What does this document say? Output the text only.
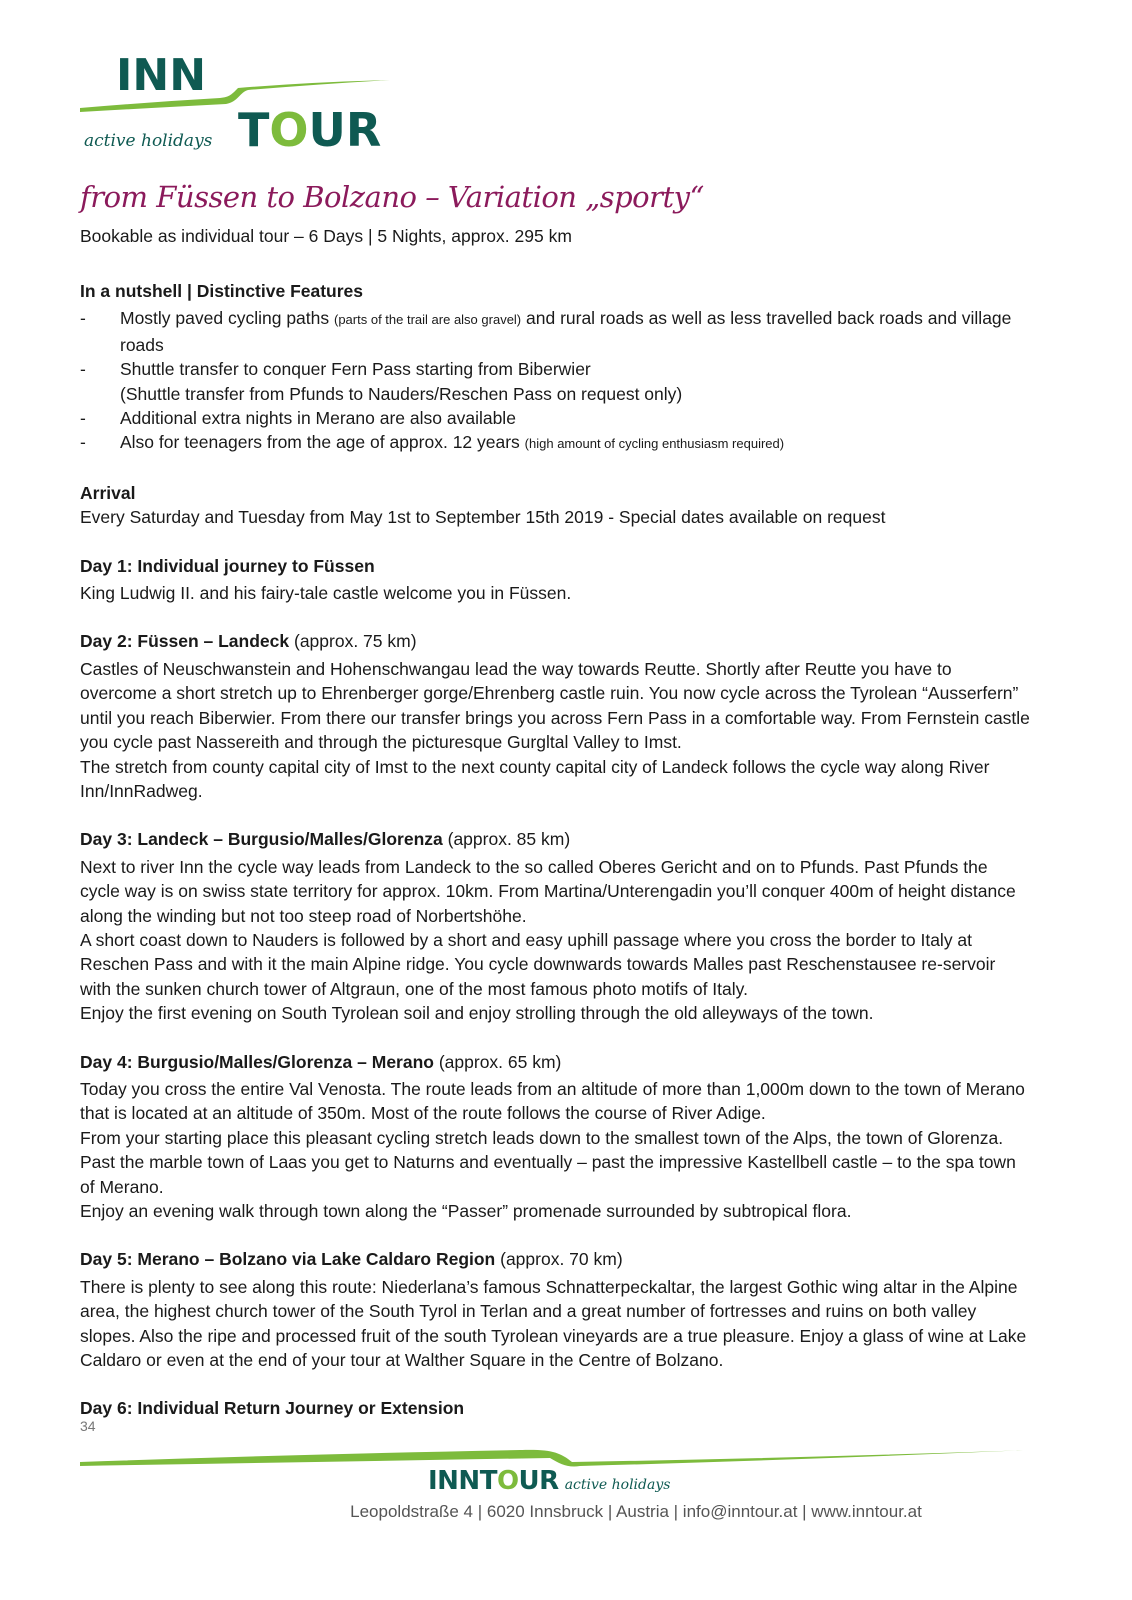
INN
TOUR
active holidays
from Füssen to Bolzano – Variation „sporty“
Bookable as individual tour – 6 Days | 5 Nights, approx. 295 km

In a nutshell | Distinctive Features

- Mostly paved cycling paths (parts of the trail are also gravel) and rural roads as well as less travelled back roads and village roads
- Shuttle transfer to conquer Fern Pass starting from Biberwier
(Shuttle transfer from Pfunds to Nauders/Reschen Pass on request only)
- Additional extra nights in Merano are also available
- Also for teenagers from the age of approx. 12 years (high amount of cycling enthusiasm required)

Arrival

Every Saturday and Tuesday from May 1st to September 15th 2019 - Special dates available on request

Day 1: Individual journey to Füssen

King Ludwig II. and his fairy-tale castle welcome you in Füssen.

Day 2: Füssen – Landeck (approx. 75 km)

Castles of Neuschwanstein and Hohenschwangau lead the way towards Reutte. Shortly after Reutte you have to overcome a short stretch up to Ehrenberger gorge/Ehrenberg castle ruin. You now cycle across the Tyrolean “Ausserfern” until you reach Biberwier. From there our transfer brings you across Fern Pass in a comfortable way. From Fernstein castle you cycle past Nassereith and through the picturesque Gurgltal Valley to Imst.

The stretch from county capital city of Imst to the next county capital city of Landeck follows the cycle way along River Inn/InnRadweg.

Day 3: Landeck – Burgusio/Malles/Glorenza (approx. 85 km)

Next to river Inn the cycle way leads from Landeck to the so called Oberes Gericht and on to Pfunds. Past Pfunds the cycle way is on swiss state territory for approx. 10km. From Martina/Unterengadin you’ll conquer 400m of height distance along the winding but not too steep road of Norbertshöhe.

A short coast down to Nauders is followed by a short and easy uphill passage where you cross the border to Italy at Reschen Pass and with it the main Alpine ridge. You cycle downwards towards Malles past Reschenstausee re-servoir with the sunken church tower of Altgraun, one of the most famous photo motifs of Italy.

Enjoy the first evening on South Tyrolean soil and enjoy strolling through the old alleyways of the town.

Day 4: Burgusio/Malles/Glorenza – Merano (approx. 65 km)

Today you cross the entire Val Venosta. The route leads from an altitude of more than 1,000m down to the town of Merano that is located at an altitude of 350m. Most of the route follows the course of River Adige.

From your starting place this pleasant cycling stretch leads down to the smallest town of the Alps, the town of Glorenza. Past the marble town of Laas you get to Naturns and eventually – past the impressive Kastellbell castle – to the spa town of Merano.

Enjoy an evening walk through town along the “Passer” promenade surrounded by subtropical flora.

Day 5: Merano – Bolzano via Lake Caldaro Region (approx. 70 km)

There is plenty to see along this route: Niederlana’s famous Schnatterpeckaltar, the largest Gothic wing altar in the Alpine area, the highest church tower of the South Tyrol in Terlan and a great number of fortresses and ruins on both valley slopes. Also the ripe and processed fruit of the south Tyrolean vineyards are a true pleasure. Enjoy a glass of wine at Lake Caldaro or even at the end of your tour at Walther Square in the Centre of Bolzano.

Day 6: Individual Return Journey or Extension

34
INNTOUR active holidays
Leopoldstraße 4 | 6020 Innsbruck | Austria | info@inntour.at | www.inntour.at
